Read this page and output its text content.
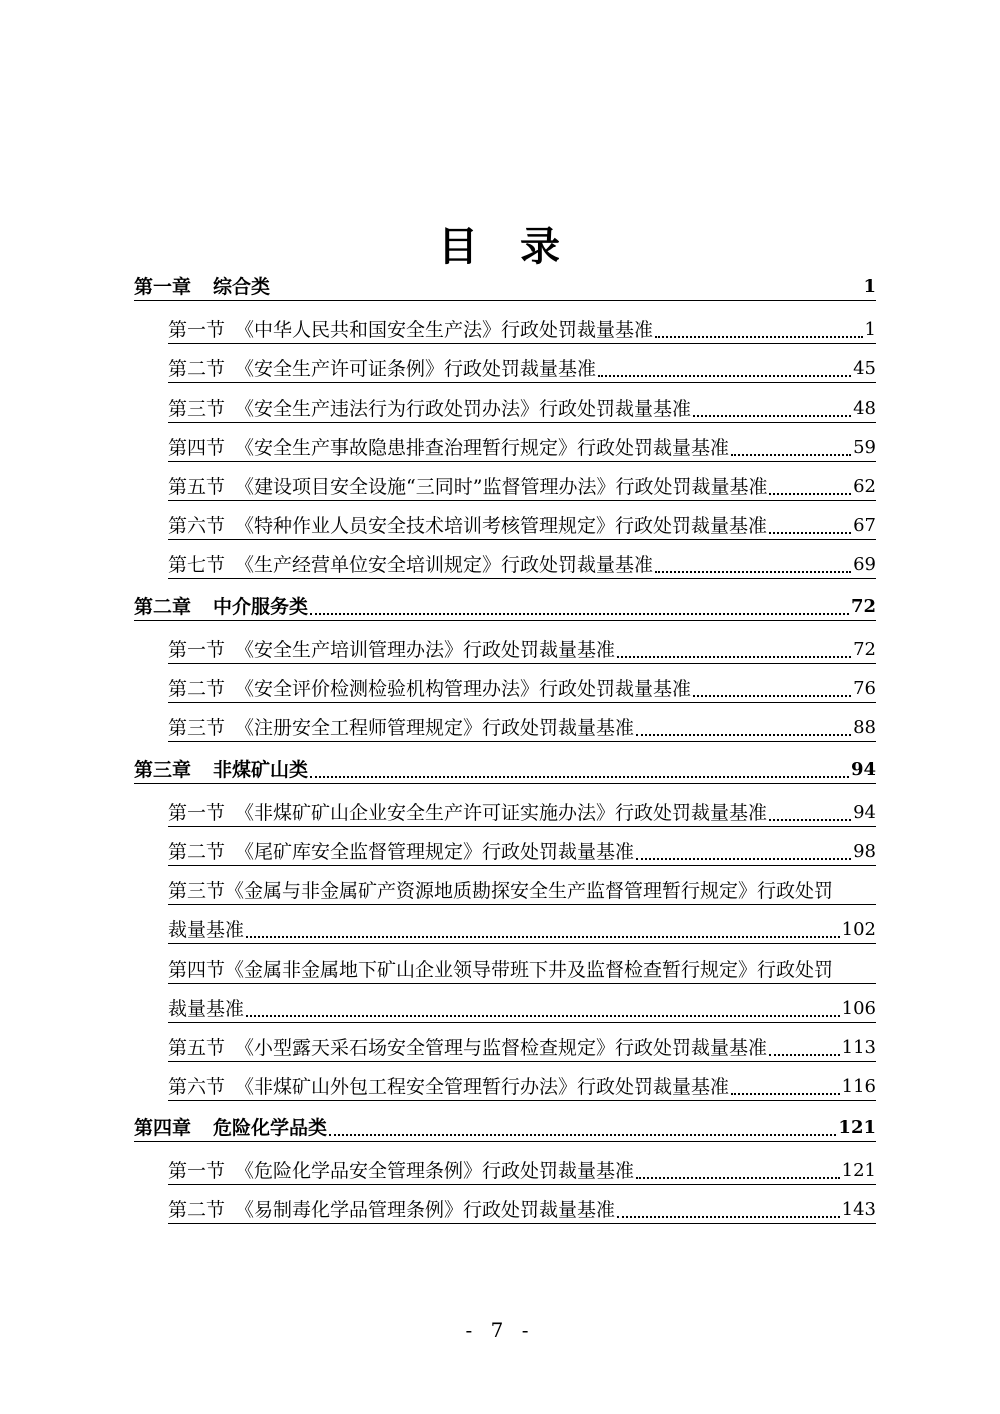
目 录
第一章 综合类	1
第一节 《中华人民共和国安全生产法》行政处罚裁量基准	1
第二节 《安全生产许可证条例》行政处罚裁量基准	45
第三节 《安全生产违法行为行政处罚办法》行政处罚裁量基准	48
第四节 《安全生产事故隐患排查治理暂行规定》行政处罚裁量基准	59
第五节 《建设项目安全设施“三同时”监督管理办法》行政处罚裁量基准	62
第六节 《特种作业人员安全技术培训考核管理规定》行政处罚裁量基准	67
第七节 《生产经营单位安全培训规定》行政处罚裁量基准	69
第二章 中介服务类	72
第一节 《安全生产培训管理办法》行政处罚裁量基准	72
第二节 《安全评价检测检验机构管理办法》行政处罚裁量基准	76
第三节 《注册安全工程师管理规定》行政处罚裁量基准	88
第三章 非煤矿山类	94
第一节 《非煤矿矿山企业安全生产许可证实施办法》行政处罚裁量基准	94
第二节 《尾矿库安全监督管理规定》行政处罚裁量基准	98
第三节 《金属与非金属矿产资源地质勘探安全生产监督管理暂行规定》行政处罚
裁量基准	102
第四节 《金属非金属地下矿山企业领导带班下井及监督检查暂行规定》行政处罚
裁量基准	106
第五节 《小型露天采石场安全管理与监督检查规定》行政处罚裁量基准	113
第六节 《非煤矿山外包工程安全管理暂行办法》行政处罚裁量基准	116
第四章 危险化学品类	121
第一节 《危险化学品安全管理条例》行政处罚裁量基准	121
第二节 《易制毒化学品管理条例》行政处罚裁量基准	143
- 7 -
